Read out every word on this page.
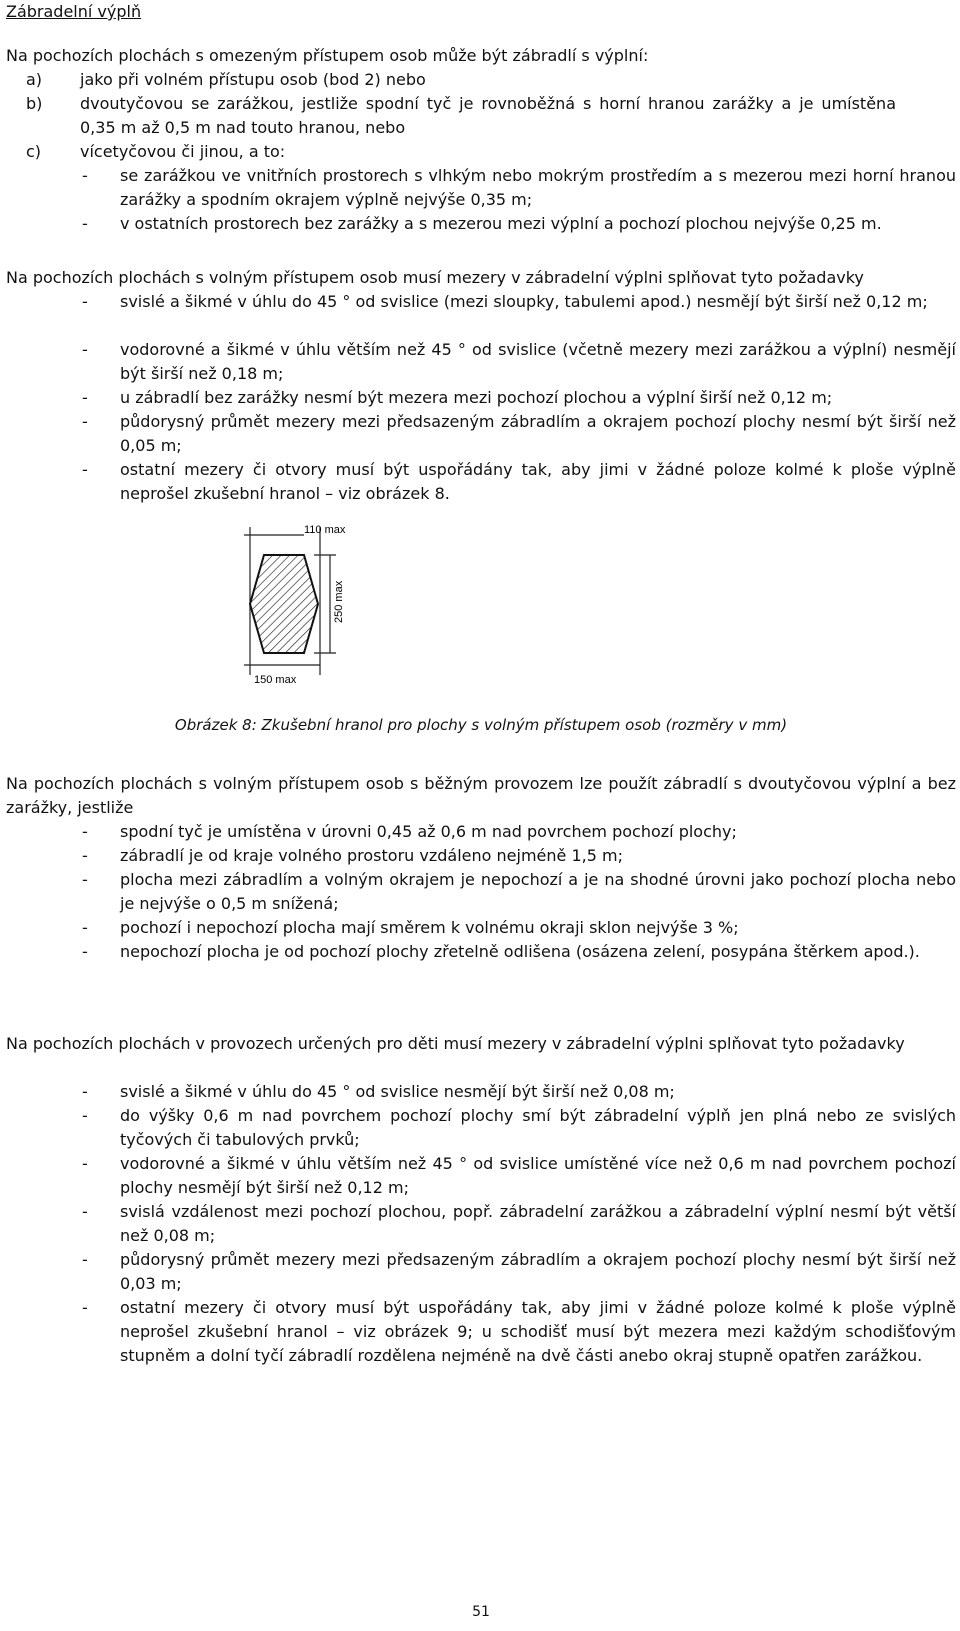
Zábradelní výplň
Na pochozích plochách s omezeným přístupem osob může být zábradlí s výplní:
a)	jako při volném přístupu osob (bod 2) nebo
b)	dvoutyčovou se zarážkou, jestliže spodní tyč je rovnoběžná s horní hranou zarážky a je umístěna 0,35 m až 0,5 m nad touto hranou, nebo
c)	vícetyčovou či jinou, a to:
-	se zarážkou ve vnitřních prostorech s vlhkým nebo mokrým prostředím a s mezerou mezi horní hranou zarážky a spodním okrajem výplně nejvýše 0,35 m;
-	v ostatních prostorech bez zarážky a s mezerou mezi výplní a pochozí plochou nejvýše 0,25 m.
Na pochozích plochách s volným přístupem osob musí mezery v zábradelní výplni splňovat tyto požadavky
-	svislé a šikmé v úhlu do 45 ° od svislice (mezi sloupky, tabulemi apod.) nesmějí být širší než 0,12 m;
-	vodorovné a šikmé v úhlu větším než 45 ° od svislice (včetně mezery mezi zarážkou a výplní) nesmějí být širší než 0,18 m;
-	u zábradlí bez zarážky nesmí být mezera mezi pochozí plochou a výplní širší než 0,12 m;
-	půdorysný průmět mezery mezi předsazeným zábradlím a okrajem pochozí plochy nesmí být širší než 0,05 m;
-	ostatní mezery či otvory musí být uspořádány tak, aby jimi v žádné poloze kolmé k ploše výplně neprošel zkušební hranol – viz obrázek 8.
110 max
250 max
150 max
Obrázek 8: Zkušební hranol pro plochy s volným přístupem osob (rozměry v mm)
Na pochozích plochách s volným přístupem osob s běžným provozem lze použít zábradlí s dvoutyčovou výplní a bez zarážky, jestliže
-	spodní tyč je umístěna v úrovni 0,45 až 0,6 m nad povrchem pochozí plochy;
-	zábradlí je od kraje volného prostoru vzdáleno nejméně 1,5 m;
-	plocha mezi zábradlím a volným okrajem je nepochozí a je na shodné úrovni jako pochozí plocha nebo je nejvýše o 0,5 m snížená;
-	pochozí i nepochozí plocha mají směrem k volnému okraji sklon nejvýše 3 %;
-	nepochozí plocha je od pochozí plochy zřetelně odlišena (osázena zelení, posypána štěrkem apod.).
Na pochozích plochách v provozech určených pro děti musí mezery v zábradelní výplni splňovat tyto požadavky
-	svislé a šikmé v úhlu do 45 ° od svislice nesmějí být širší než 0,08 m;
-	do výšky 0,6 m nad povrchem pochozí plochy smí být zábradelní výplň jen plná nebo ze svislých tyčových či tabulových prvků;
-	vodorovné a šikmé v úhlu větším než 45 ° od svislice umístěné více než 0,6 m nad povrchem pochozí plochy nesmějí být širší než 0,12 m;
-	svislá vzdálenost mezi pochozí plochou, popř. zábradelní zarážkou a zábradelní výplní nesmí být větší než 0,08 m;
-	půdorysný průmět mezery mezi předsazeným zábradlím a okrajem pochozí plochy nesmí být širší než 0,03 m;
-	ostatní mezery či otvory musí být uspořádány tak, aby jimi v žádné poloze kolmé k ploše výplně neprošel zkušební hranol – viz obrázek 9; u schodišť musí být mezera mezi každým schodišťovým stupněm a dolní tyčí zábradlí rozdělena nejméně na dvě části anebo okraj stupně opatřen zarážkou.
51
